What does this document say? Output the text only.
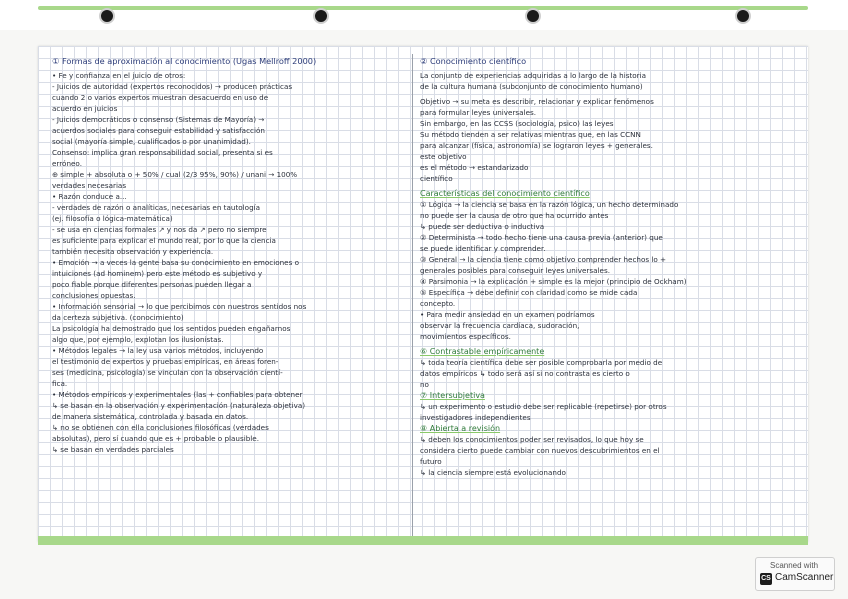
① Formas de aproximación al conocimiento (Ugas Mellroff 2000)
• Fe y confianza en el juicio de otros:
- Juicios de autoridad (expertos reconocidos) → producen prácticas
cuando 2 o varios expertos muestran desacuerdo en uso de
acuerdo en juicios
- Juicios democráticos o consenso (Sistemas de Mayoría) →
acuerdos sociales para conseguir estabilidad y satisfacción
social (mayoría simple, cualificados o por unanimidad).
Consenso: implica gran responsabilidad social, presenta si es
erróneo.
⊕ simple + absoluta o + 50% / cual (2/3 95%, 90%) / unani → 100%
verdades necesarias
• Razón conduce a...
- verdades de razón o analíticas, necesarias en tautología
(ej. filosofía o lógica-matemática)
- se usa en ciencias formales ↗ y nos da ↗ pero no siempre
es suficiente para explicar el mundo real, por lo que la ciencia
también necesita observación y experiencia.
• Emoción → a veces la gente basa su conocimiento en emociones o
intuiciones (ad hominem) pero este método es subjetivo y
poco fiable porque diferentes personas pueden llegar a
conclusiones opuestas.
• Información sensorial → lo que percibimos con nuestros sentidos nos
da certeza subjetiva. (conocimiento)
La psicología ha demostrado que los sentidos pueden engañarnos
algo que, por ejemplo, explotan los ilusionistas.
• Métodos legales → la ley usa varios métodos, incluyendo
el testimonio de expertos y pruebas empíricas, en áreas foren-
ses (medicina, psicología) se vinculan con la observación cientí-
fica.
• Métodos empíricos y experimentales (las + confiables para obtener
↳ se basan en la observación y experimentación (naturaleza objetiva)
de manera sistemática, controlada y basada en datos.
↳ no se obtienen con ella conclusiones filosóficas (verdades
absolutas), pero sí cuando que es + probable o plausible.
↳ se basan en verdades parciales
② Conocimiento científico
La conjunto de experiencias adquiridas a lo largo de la historia
de la cultura humana (subconjunto de conocimiento humano)
Objetivo → su meta es describir, relacionar y explicar fenómenos
para formular leyes universales.
Sin embargo, en las CCSS (sociología, psico) las leyes
Su método tienden a ser relativas mientras que, en las CCNN
para alcanzar (física, astronomía) se lograron leyes + generales.
este objetivo
es el método → estandarizado
científico
Características del conocimiento científico
① Lógica → la ciencia se basa en la razón lógica, un hecho determinado
no puede ser la causa de otro que ha ocurrido antes
↳ puede ser deductiva o inductiva
② Determinista → todo hecho tiene una causa previa (anterior) que
se puede identificar y comprender.
③ General → la ciencia tiene como objetivo comprender hechos lo +
generales posibles para conseguir leyes universales.
④ Parsimonia → la explicación + simple es la mejor (principio de Ockham)
⑤ Específica → debe definir con claridad como se mide cada
concepto.
• Para medir ansiedad en un examen podríamos
observar la frecuencia cardíaca, sudoración,
movimientos específicos.
⑥ Contrastable empíricamente
↳ toda teoría científica debe ser posible comprobarla por medio de
datos empíricos ↳ todo será así si no contrasta es cierto o
no
⑦ Intersubjetiva
↳ un experimento o estudio debe ser replicable (repetirse) por otros
investigadores independientes
⑧ Abierta a revisión
↳ deben los conocimientos poder ser revisados, lo que hoy se
considera cierto puede cambiar con nuevos descubrimientos en el
futuro
↳ la ciencia siempre está evolucionando
Scanned with
CS CamScanner
